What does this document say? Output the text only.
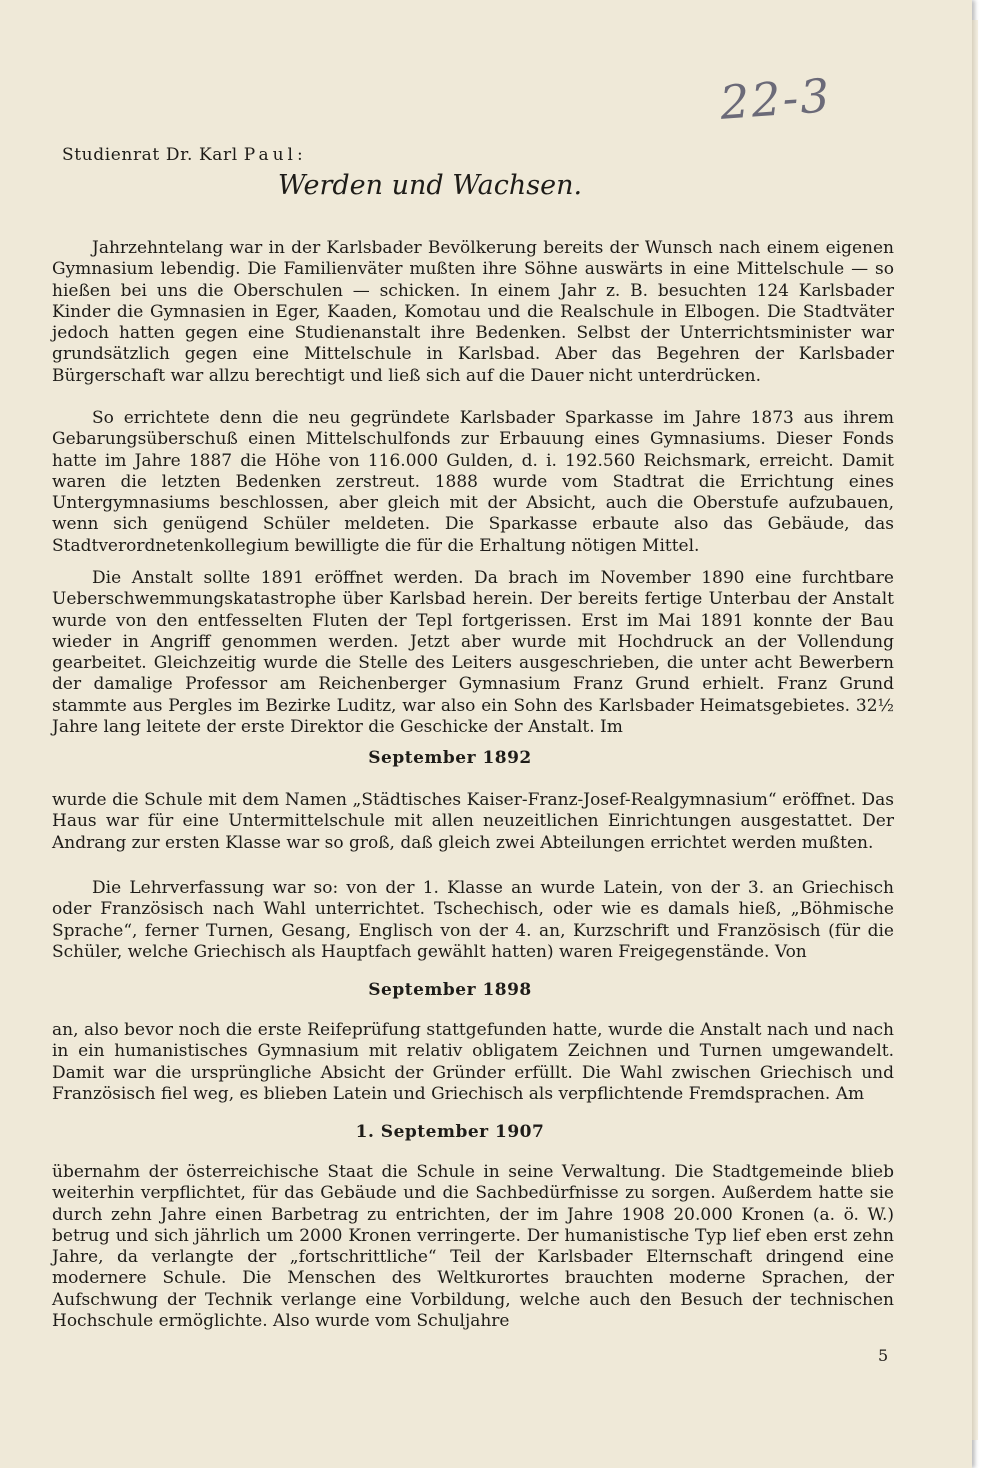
22-3
Studienrat Dr. Karl Paul:
Werden und Wachsen.

Jahrzehntelang war in der Karlsbader Bevölkerung bereits der Wunsch nach einem eigenen Gymnasium lebendig. Die Familienväter mußten ihre Söhne auswärts in eine Mittelschule — so hießen bei uns die Oberschulen — schicken. In einem Jahr z. B. besuchten 124 Karlsbader Kinder die Gymnasien in Eger, Kaaden, Komotau und die Realschule in Elbogen. Die Stadtväter jedoch hatten gegen eine Studienanstalt ihre Bedenken. Selbst der Unterrichtsminister war grundsätzlich gegen eine Mittelschule in Karlsbad. Aber das Begehren der Karlsbader Bürgerschaft war allzu berechtigt und ließ sich auf die Dauer nicht unterdrücken.

So errichtete denn die neu gegründete Karlsbader Sparkasse im Jahre 1873 aus ihrem Gebarungsüberschuß einen Mittelschulfonds zur Erbauung eines Gymnasiums. Dieser Fonds hatte im Jahre 1887 die Höhe von 116.000 Gulden, d. i. 192.560 Reichsmark, erreicht. Damit waren die letzten Bedenken zerstreut. 1888 wurde vom Stadtrat die Errichtung eines Untergymnasiums beschlossen, aber gleich mit der Absicht, auch die Oberstufe aufzubauen, wenn sich genügend Schüler meldeten. Die Sparkasse erbaute also das Gebäude, das Stadtverordnetenkollegium bewilligte die für die Erhaltung nötigen Mittel.

Die Anstalt sollte 1891 eröffnet werden. Da brach im November 1890 eine furchtbare Ueberschwemmungskatastrophe über Karlsbad herein. Der bereits fertige Unterbau der Anstalt wurde von den entfesselten Fluten der Tepl fortgerissen. Erst im Mai 1891 konnte der Bau wieder in Angriff genommen werden. Jetzt aber wurde mit Hochdruck an der Vollendung gearbeitet. Gleichzeitig wurde die Stelle des Leiters ausgeschrieben, die unter acht Bewerbern der damalige Professor am Reichenberger Gymnasium Franz Grund erhielt. Franz Grund stammte aus Pergles im Bezirke Luditz, war also ein Sohn des Karlsbader Heimatsgebietes. 32½ Jahre lang leitete der erste Direktor die Geschicke der Anstalt. Im

September 1892

wurde die Schule mit dem Namen „Städtisches Kaiser-Franz-Josef-Realgymnasium“ eröffnet. Das Haus war für eine Untermittelschule mit allen neuzeitlichen Einrichtungen ausgestattet. Der Andrang zur ersten Klasse war so groß, daß gleich zwei Abteilungen errichtet werden mußten.

Die Lehrverfassung war so: von der 1. Klasse an wurde Latein, von der 3. an Griechisch oder Französisch nach Wahl unterrichtet. Tschechisch, oder wie es damals hieß, „Böhmische Sprache“, ferner Turnen, Gesang, Englisch von der 4. an, Kurzschrift und Französisch (für die Schüler, welche Griechisch als Hauptfach gewählt hatten) waren Freigegenstände. Von

September 1898

an, also bevor noch die erste Reifeprüfung stattgefunden hatte, wurde die Anstalt nach und nach in ein humanistisches Gymnasium mit relativ obligatem Zeichnen und Turnen umgewandelt. Damit war die ursprüngliche Absicht der Gründer erfüllt. Die Wahl zwischen Griechisch und Französisch fiel weg, es blieben Latein und Griechisch als verpflichtende Fremdsprachen. Am

1. September 1907

übernahm der österreichische Staat die Schule in seine Verwaltung. Die Stadtgemeinde blieb weiterhin verpflichtet, für das Gebäude und die Sachbedürfnisse zu sorgen. Außerdem hatte sie durch zehn Jahre einen Barbetrag zu entrichten, der im Jahre 1908 20.000 Kronen (a. ö. W.) betrug und sich jährlich um 2000 Kronen verringerte. Der humanistische Typ lief eben erst zehn Jahre, da verlangte der „fortschrittliche“ Teil der Karlsbader Elternschaft dringend eine modernere Schule. Die Menschen des Weltkurortes brauchten moderne Sprachen, der Aufschwung der Technik verlange eine Vorbildung, welche auch den Besuch der technischen Hochschule ermöglichte. Also wurde vom Schuljahre

5
